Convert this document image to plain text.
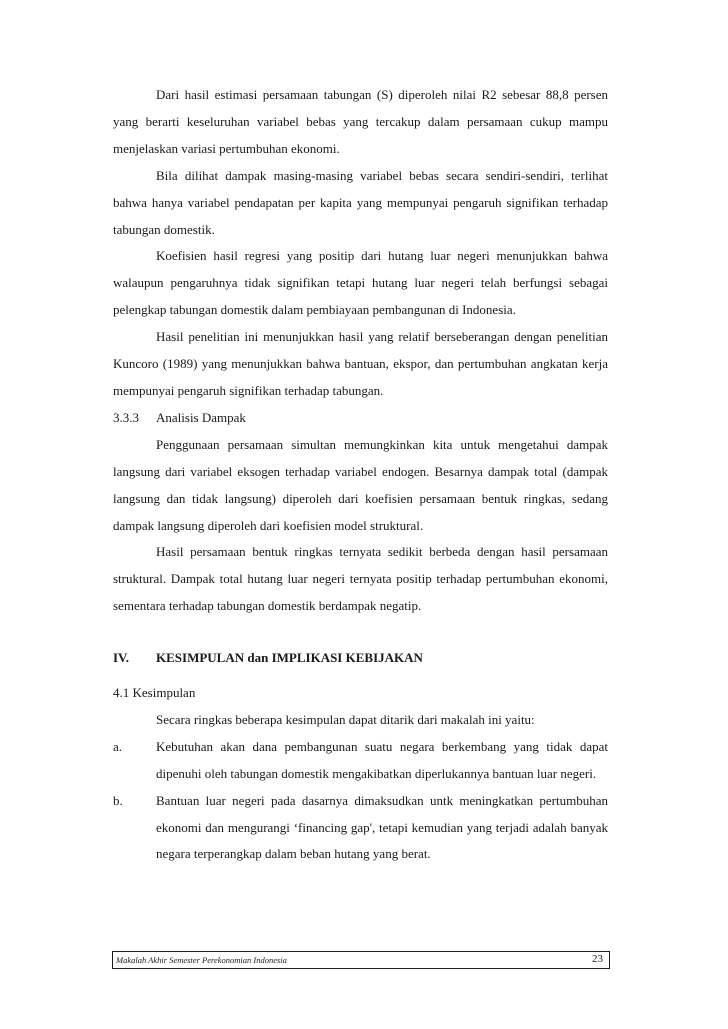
Dari hasil estimasi persamaan tabungan (S) diperoleh nilai R2 sebesar 88,8 persen yang berarti keseluruhan variabel bebas yang tercakup dalam persamaan cukup mampu menjelaskan variasi pertumbuhan ekonomi.

Bila dilihat dampak masing-masing variabel bebas secara sendiri-sendiri, terlihat bahwa hanya variabel pendapatan per kapita yang mempunyai pengaruh signifikan terhadap tabungan domestik.

Koefisien hasil regresi yang positip dari hutang luar negeri menunjukkan bahwa walaupun pengaruhnya tidak signifikan tetapi hutang luar negeri telah berfungsi sebagai pelengkap tabungan domestik dalam pembiayaan pembangunan di Indonesia.

Hasil penelitian ini menunjukkan hasil yang relatif berseberangan dengan penelitian Kuncoro (1989) yang menunjukkan bahwa bantuan, ekspor, dan pertumbuhan angkatan kerja mempunyai pengaruh signifikan terhadap tabungan.

3.3.3 Analisis Dampak

Penggunaan persamaan simultan memungkinkan kita untuk mengetahui dampak langsung dari variabel eksogen terhadap variabel endogen. Besarnya dampak total (dampak langsung dan tidak langsung) diperoleh dari koefisien persamaan bentuk ringkas, sedang dampak langsung diperoleh dari koefisien model struktural.

Hasil persamaan bentuk ringkas ternyata sedikit berbeda dengan hasil persamaan struktural. Dampak total hutang luar negeri ternyata positip terhadap pertumbuhan ekonomi, sementara terhadap tabungan domestik berdampak negatip.

IV. KESIMPULAN dan IMPLIKASI KEBIJAKAN

4.1 Kesimpulan

Secara ringkas beberapa kesimpulan dapat ditarik dari makalah ini yaitu:

a.	Kebutuhan akan dana pembangunan suatu negara berkembang yang tidak dapat dipenuhi oleh tabungan domestik mengakibatkan diperlukannya bantuan luar negeri.

b.	Bantuan luar negeri pada dasarnya dimaksudkan untk meningkatkan pertumbuhan ekonomi dan mengurangi ‘financing gap', tetapi kemudian yang terjadi adalah banyak negara terperangkap dalam beban hutang yang berat.

Makalah Akhir Semester Perekonomian Indonesia	23
